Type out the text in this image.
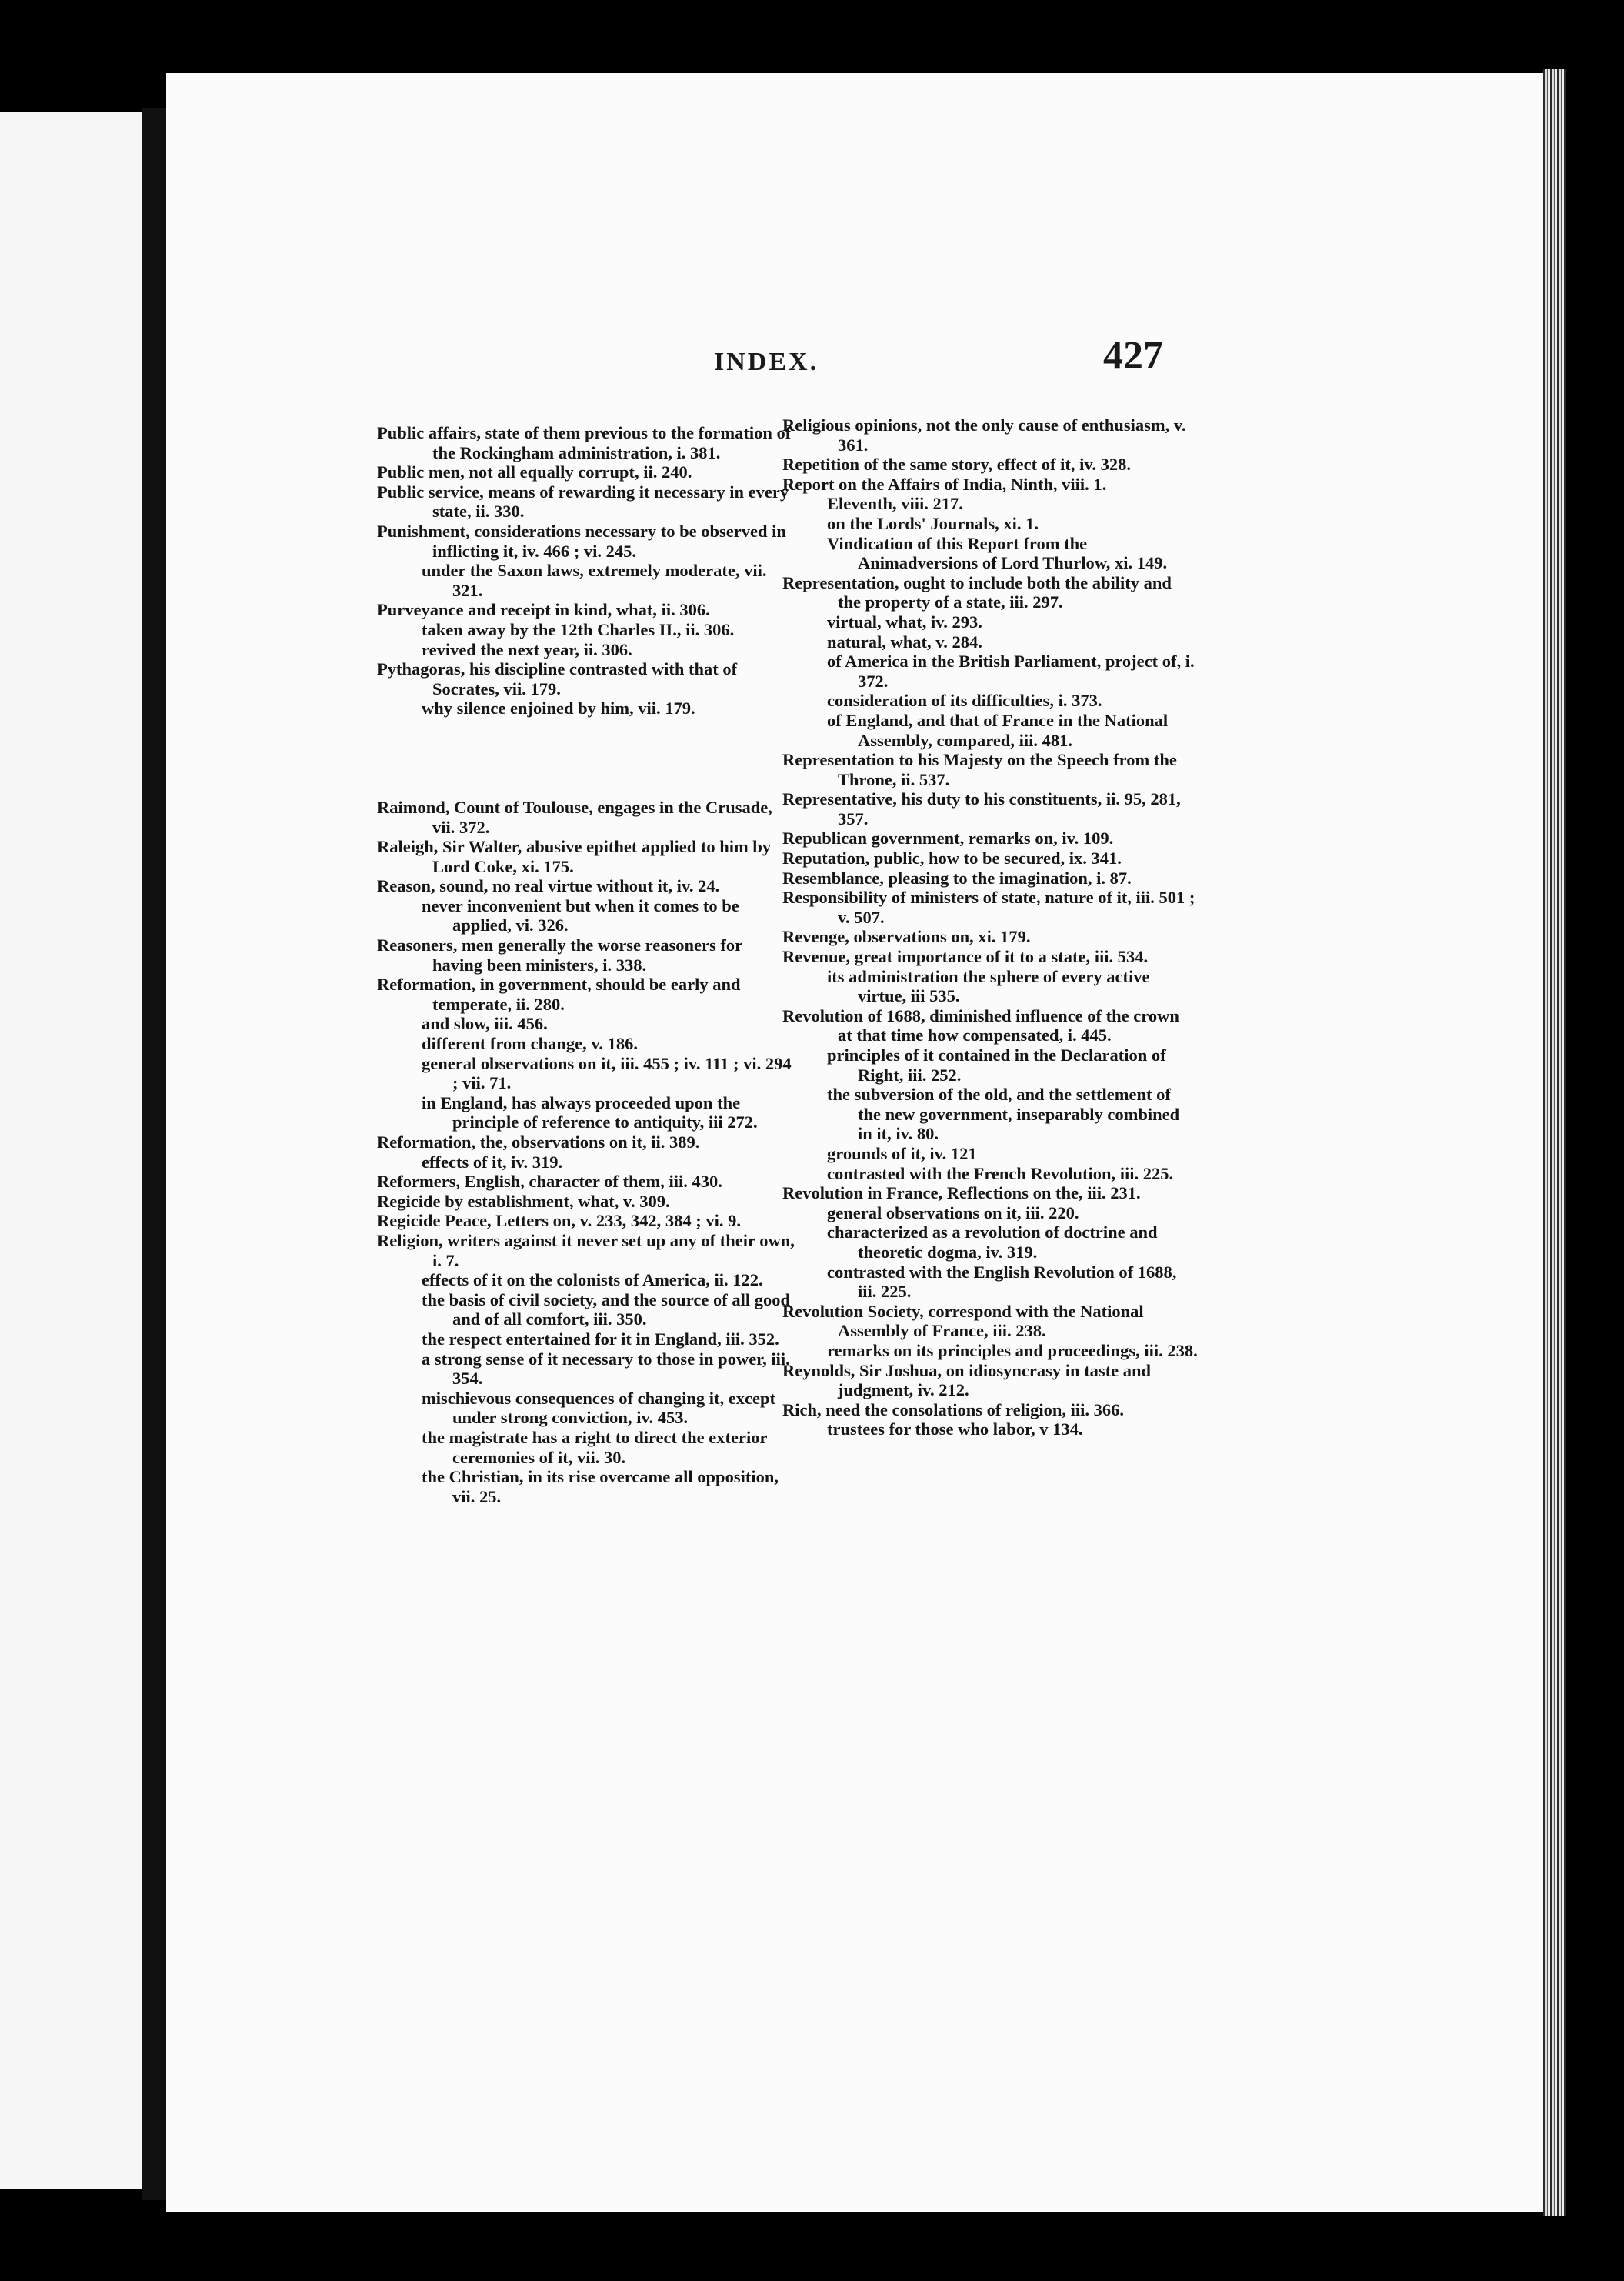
INDEX.	427

Public affairs, state of them previous to the formation of the Rockingham administration, i. 381.

Public men, not all equally corrupt, ii. 240.

Public service, means of rewarding it necessary in every state, ii. 330.

Punishment, considerations necessary to be observed in inflicting it, iv. 466 ; vi. 245.

under the Saxon laws, extremely moderate, vii. 321.

Purveyance and receipt in kind, what, ii. 306.

taken away by the 12th Charles II., ii. 306.

revived the next year, ii. 306.

Pythagoras, his discipline contrasted with that of Socrates, vii. 179.

why silence enjoined by him, vii. 179.

Raimond, Count of Toulouse, engages in the Crusade, vii. 372.

Raleigh, Sir Walter, abusive epithet applied to him by Lord Coke, xi. 175.

Reason, sound, no real virtue without it, iv. 24.

never inconvenient but when it comes to be applied, vi. 326.

Reasoners, men generally the worse reasoners for having been ministers, i. 338.

Reformation, in government, should be early and temperate, ii. 280.

and slow, iii. 456.

different from change, v. 186.

general observations on it, iii. 455 ; iv. 111 ; vi. 294 ; vii. 71.

in England, has always proceeded upon the principle of reference to antiquity, iii 272.

Reformation, the, observations on it, ii. 389.

effects of it, iv. 319.

Reformers, English, character of them, iii. 430.

Regicide by establishment, what, v. 309.

Regicide Peace, Letters on, v. 233, 342, 384 ; vi. 9.

Religion, writers against it never set up any of their own, i. 7.

effects of it on the colonists of America, ii. 122.

the basis of civil society, and the source of all good and of all comfort, iii. 350.

the respect entertained for it in England, iii. 352.

a strong sense of it necessary to those in power, iii. 354.

mischievous consequences of changing it, except under strong conviction, iv. 453.

the magistrate has a right to direct the exterior ceremonies of it, vii. 30.

the Christian, in its rise overcame all opposition, vii. 25.

Religious opinions, not the only cause of enthusiasm, v. 361.

Repetition of the same story, effect of it, iv. 328.

Report on the Affairs of India, Ninth, viii. 1.

Eleventh, viii. 217.

on the Lords' Journals, xi. 1.

Vindication of this Report from the Animadversions of Lord Thurlow, xi. 149.

Representation, ought to include both the ability and the property of a state, iii. 297.

virtual, what, iv. 293.

natural, what, v. 284.

of America in the British Parliament, project of, i. 372.

consideration of its difficulties, i. 373.

of England, and that of France in the National Assembly, compared, iii. 481.

Representation to his Majesty on the Speech from the Throne, ii. 537.

Representative, his duty to his constituents, ii. 95, 281, 357.

Republican government, remarks on, iv. 109.

Reputation, public, how to be secured, ix. 341.

Resemblance, pleasing to the imagination, i. 87.

Responsibility of ministers of state, nature of it, iii. 501 ; v. 507.

Revenge, observations on, xi. 179.

Revenue, great importance of it to a state, iii. 534.

its administration the sphere of every active virtue, iii 535.

Revolution of 1688, diminished influence of the crown at that time how compensated, i. 445.

principles of it contained in the Declaration of Right, iii. 252.

the subversion of the old, and the settlement of the new government, inseparably combined in it, iv. 80.

grounds of it, iv. 121

contrasted with the French Revolution, iii. 225.

Revolution in France, Reflections on the, iii. 231.

general observations on it, iii. 220.

characterized as a revolution of doctrine and theoretic dogma, iv. 319.

contrasted with the English Revolution of 1688, iii. 225.

Revolution Society, correspond with the National Assembly of France, iii. 238.

remarks on its principles and proceedings, iii. 238.

Reynolds, Sir Joshua, on idiosyncrasy in taste and judgment, iv. 212.

Rich, need the consolations of religion, iii. 366.

trustees for those who labor, v 134.
